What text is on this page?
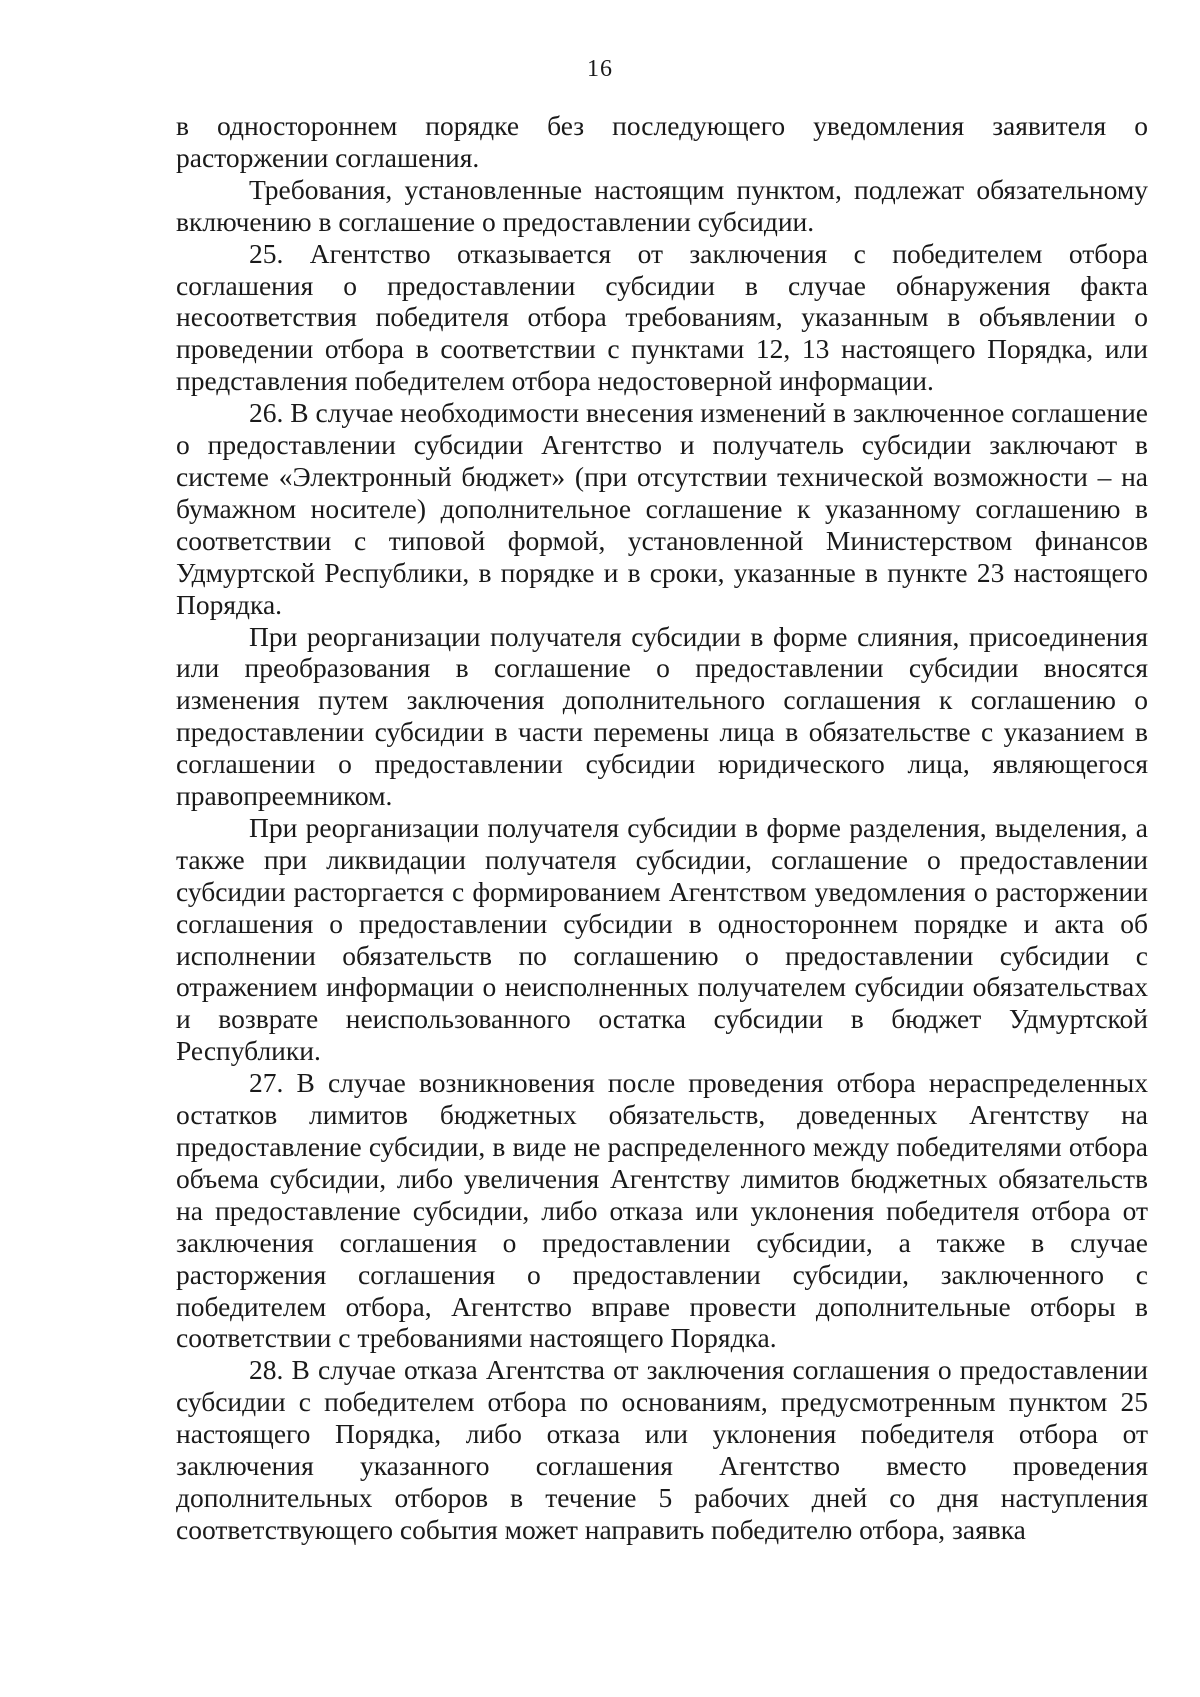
16

в одностороннем порядке без последующего уведомления заявителя о расторжении соглашения.

Требования, установленные настоящим пунктом, подлежат обязательному включению в соглашение о предоставлении субсидии.

25. Агентство отказывается от заключения с победителем отбора соглашения о предоставлении субсидии в случае обнаружения факта несоответствия победителя отбора требованиям, указанным в объявлении о проведении отбора в соответствии с пунктами 12, 13 настоящего Порядка, или представления победителем отбора недостоверной информации.

26. В случае необходимости внесения изменений в заключенное соглашение о предоставлении субсидии Агентство и получатель субсидии заключают в системе «Электронный бюджет» (при отсутствии технической возможности – на бумажном носителе) дополнительное соглашение к указанному соглашению в соответствии с типовой формой, установленной Министерством финансов Удмуртской Республики, в порядке и в сроки, указанные в пункте 23 настоящего Порядка.

При реорганизации получателя субсидии в форме слияния, присоединения или преобразования в соглашение о предоставлении субсидии вносятся изменения путем заключения дополнительного соглашения к соглашению о предоставлении субсидии в части перемены лица в обязательстве с указанием в соглашении о предоставлении субсидии юридического лица, являющегося правопреемником.

При реорганизации получателя субсидии в форме разделения, выделения, а также при ликвидации получателя субсидии, соглашение о предоставлении субсидии расторгается с формированием Агентством уведомления о расторжении соглашения о предоставлении субсидии в одностороннем порядке и акта об исполнении обязательств по соглашению о предоставлении субсидии с отражением информации о неисполненных получателем субсидии обязательствах и возврате неиспользованного остатка субсидии в бюджет Удмуртской Республики.

27. В случае возникновения после проведения отбора нераспределенных остатков лимитов бюджетных обязательств, доведенных Агентству на предоставление субсидии, в виде не распределенного между победителями отбора объема субсидии, либо увеличения Агентству лимитов бюджетных обязательств на предоставление субсидии, либо отказа или уклонения победителя отбора от заключения соглашения о предоставлении субсидии, а также в случае расторжения соглашения о предоставлении субсидии, заключенного с победителем отбора, Агентство вправе провести дополнительные отборы в соответствии с требованиями настоящего Порядка.

28. В случае отказа Агентства от заключения соглашения о предоставлении субсидии с победителем отбора по основаниям, предусмотренным пунктом 25 настоящего Порядка, либо отказа или уклонения победителя отбора от заключения указанного соглашения Агентство вместо проведения дополнительных отборов в течение 5 рабочих дней со дня наступления соответствующего события может направить победителю отбора, заявка
